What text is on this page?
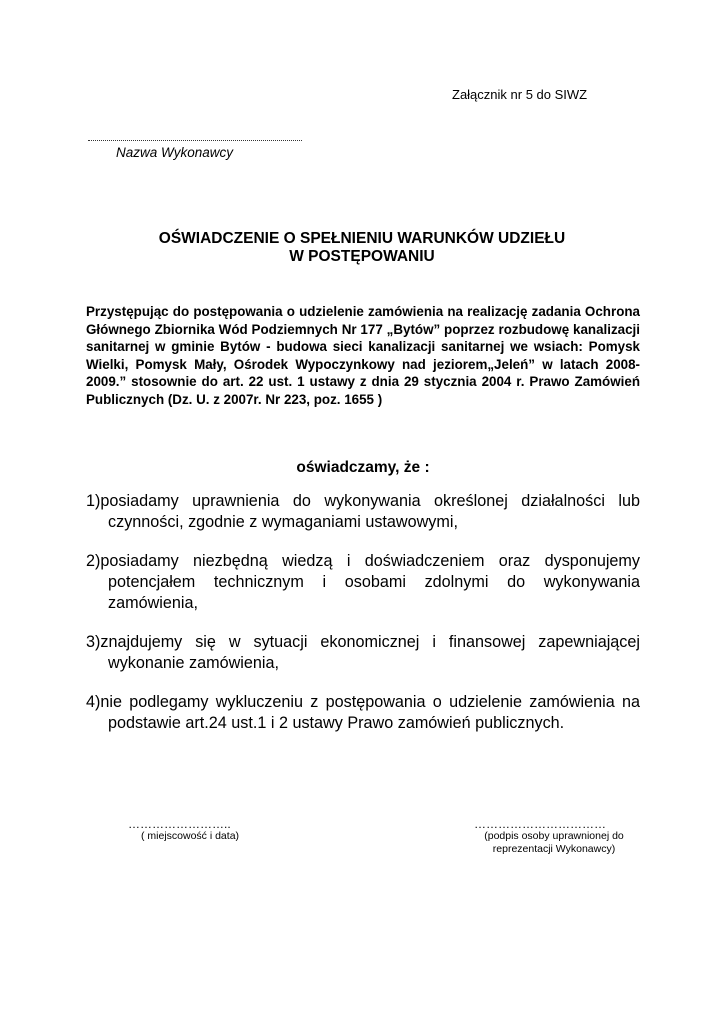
Załącznik nr 5 do SIWZ
Nazwa Wykonawcy
OŚWIADCZENIE O SPEŁNIENIU WARUNKÓW UDZIEŁU
W POSTĘPOWANIU
Przystępując do postępowania o udzielenie zamówienia na realizację zadania Ochrona Głównego Zbiornika Wód Podziemnych Nr 177 „Bytów” poprzez rozbudowę kanalizacji sanitarnej w gminie Bytów - budowa sieci kanalizacji sanitarnej we wsiach: Pomysk Wielki, Pomysk Mały, Ośrodek Wypoczynkowy nad jeziorem„Jeleń” w latach 2008-2009.” stosownie do art. 22 ust. 1 ustawy z dnia 29 stycznia 2004 r. Prawo Zamówień Publicznych (Dz. U. z 2007r. Nr 223, poz. 1655 )
oświadczamy, że :
1)posiadamy uprawnienia do wykonywania określonej działalności lub czynności, zgodnie z wymaganiami ustawowymi,
2)posiadamy niezbędną wiedzą i doświadczeniem oraz dysponujemy potencjałem technicznym i osobami zdolnymi do wykonywania zamówienia,
3)znajdujemy się w sytuacji ekonomicznej i finansowej zapewniającej wykonanie zamówienia,
4)nie podlegamy wykluczeniu z postępowania o udzielenie zamówienia na podstawie art.24 ust.1 i 2 ustawy Prawo zamówień publicznych.
……………………..
( miejscowość i data)
……………………………
(podpis osoby uprawnionej do
reprezentacji Wykonawcy)
